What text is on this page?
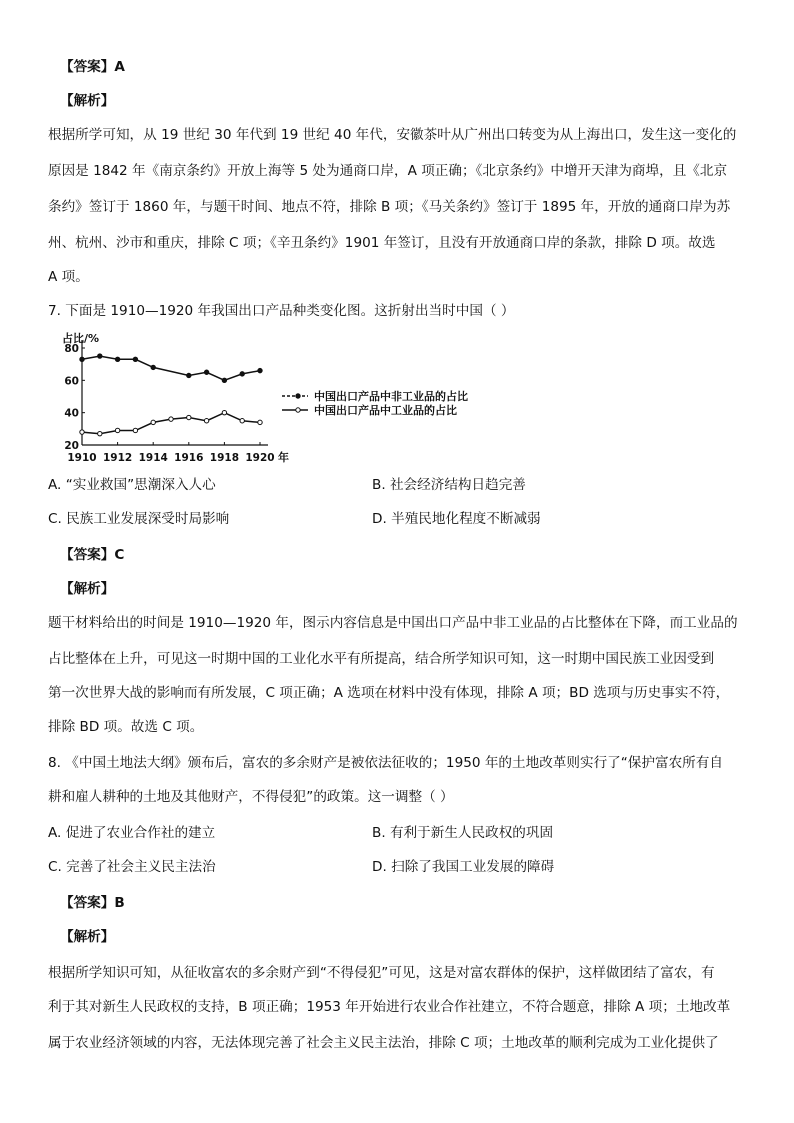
【答案】A
【解析】
根据所学可知，从 19 世纪 30 年代到 19 世纪 40 年代，安徽茶叶从广州出口转变为从上海出口，发生这一变化的
原因是 1842 年《南京条约》开放上海等 5 处为通商口岸，A 项正确；《北京条约》中增开天津为商埠，且《北京
条约》签订于 1860 年，与题干时间、地点不符，排除 B 项；《马关条约》签订于 1895 年，开放的通商口岸为苏
州、杭州、沙市和重庆，排除 C 项；《辛丑条约》1901 年签订，且没有开放通商口岸的条款，排除 D 项。故选
A 项。
7. 下面是 1910—1920 年我国出口产品种类变化图。这折射出当时中国（ ）
占比/%
年
20
40
60
80
1910 1912 1914 1916 1918 1920
中国出口产品中非工业品的占比
中国出口产品中工业品的占比
A. “实业救国”思潮深入人心	B. 社会经济结构日趋完善
C. 民族工业发展深受时局影响	D. 半殖民地化程度不断减弱
【答案】C
【解析】
题干材料给出的时间是 1910—1920 年，图示内容信息是中国出口产品中非工业品的占比整体在下降，而工业品的
占比整体在上升，可见这一时期中国的工业化水平有所提高，结合所学知识可知，这一时期中国民族工业因受到
第一次世界大战的影响而有所发展，C 项正确；A 选项在材料中没有体现，排除 A 项；BD 选项与历史事实不符，
排除 BD 项。故选 C 项。
8. 《中国土地法大纲》颁布后，富农的多余财产是被依法征收的；1950 年的土地改革则实行了“保护富农所有自
耕和雇人耕种的土地及其他财产，不得侵犯”的政策。这一调整（ ）
A. 促进了农业合作社的建立	B. 有利于新生人民政权的巩固
C. 完善了社会主义民主法治	D. 扫除了我国工业发展的障碍
【答案】B
【解析】
根据所学知识可知，从征收富农的多余财产到“不得侵犯”可见，这是对富农群体的保护，这样做团结了富农，有
利于其对新生人民政权的支持，B 项正确；1953 年开始进行农业合作社建立，不符合题意，排除 A 项；土地改革
属于农业经济领域的内容，无法体现完善了社会主义民主法治，排除 C 项；土地改革的顺利完成为工业化提供了
